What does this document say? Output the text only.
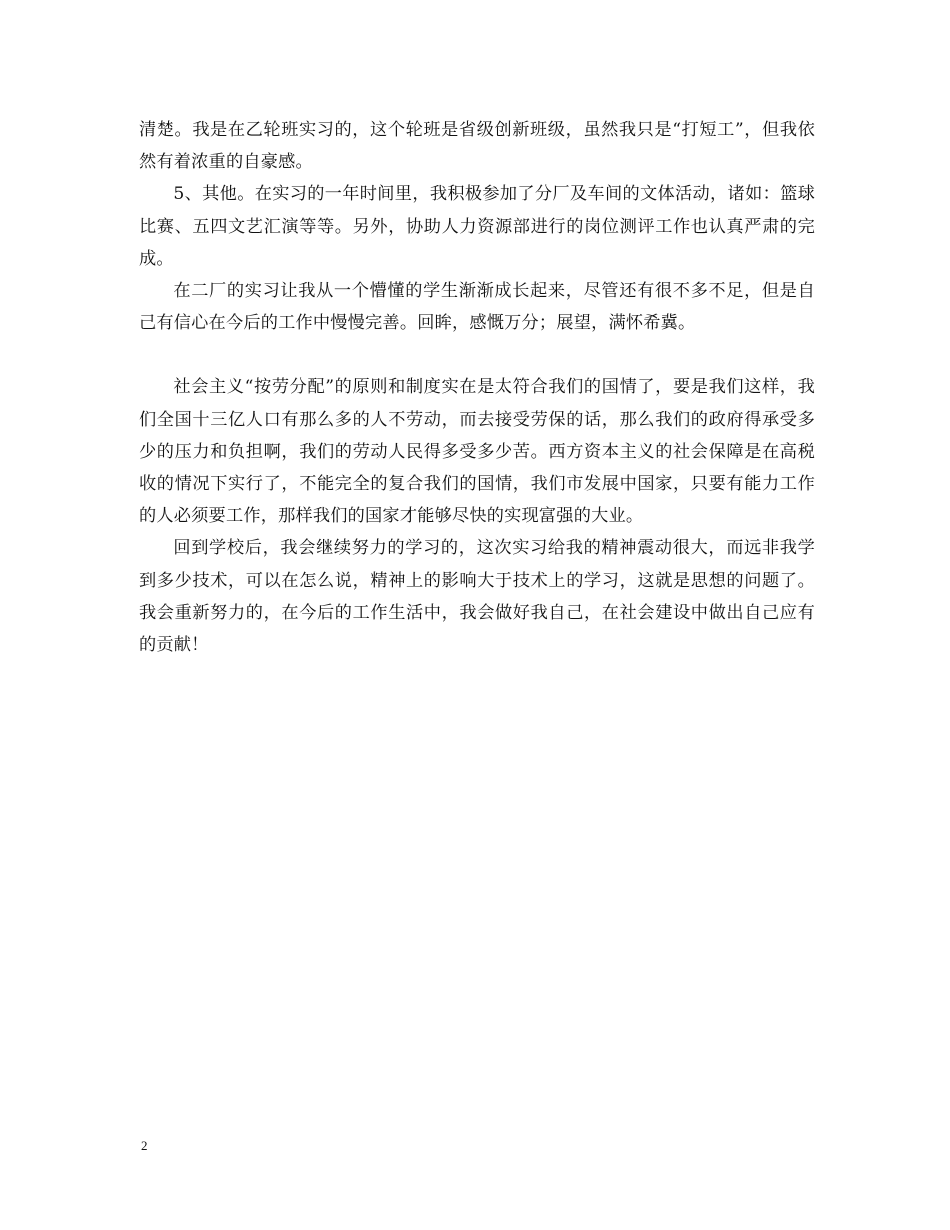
清楚。我是在乙轮班实习的，这个轮班是省级创新班级，虽然我只是“打短工”，但我依然有着浓重的自豪感。

5、其他。在实习的一年时间里，我积极参加了分厂及车间的文体活动，诸如：篮球比赛、五四文艺汇演等等。另外，协助人力资源部进行的岗位测评工作也认真严肃的完成。

在二厂的实习让我从一个懵懂的学生渐渐成长起来，尽管还有很不多不足，但是自己有信心在今后的工作中慢慢完善。回眸，感慨万分；展望，满怀希冀。

社会主义“按劳分配”的原则和制度实在是太符合我们的国情了，要是我们这样，我们全国十三亿人口有那么多的人不劳动，而去接受劳保的话，那么我们的政府得承受多少的压力和负担啊，我们的劳动人民得多受多少苦。西方资本主义的社会保障是在高税收的情况下实行了，不能完全的复合我们的国情，我们市发展中国家，只要有能力工作的人必须要工作，那样我们的国家才能够尽快的实现富强的大业。

回到学校后，我会继续努力的学习的，这次实习给我的精神震动很大，而远非我学到多少技术，可以在怎么说，精神上的影响大于技术上的学习，这就是思想的问题了。我会重新努力的，在今后的工作生活中，我会做好我自己，在社会建设中做出自己应有的贡献！

2
